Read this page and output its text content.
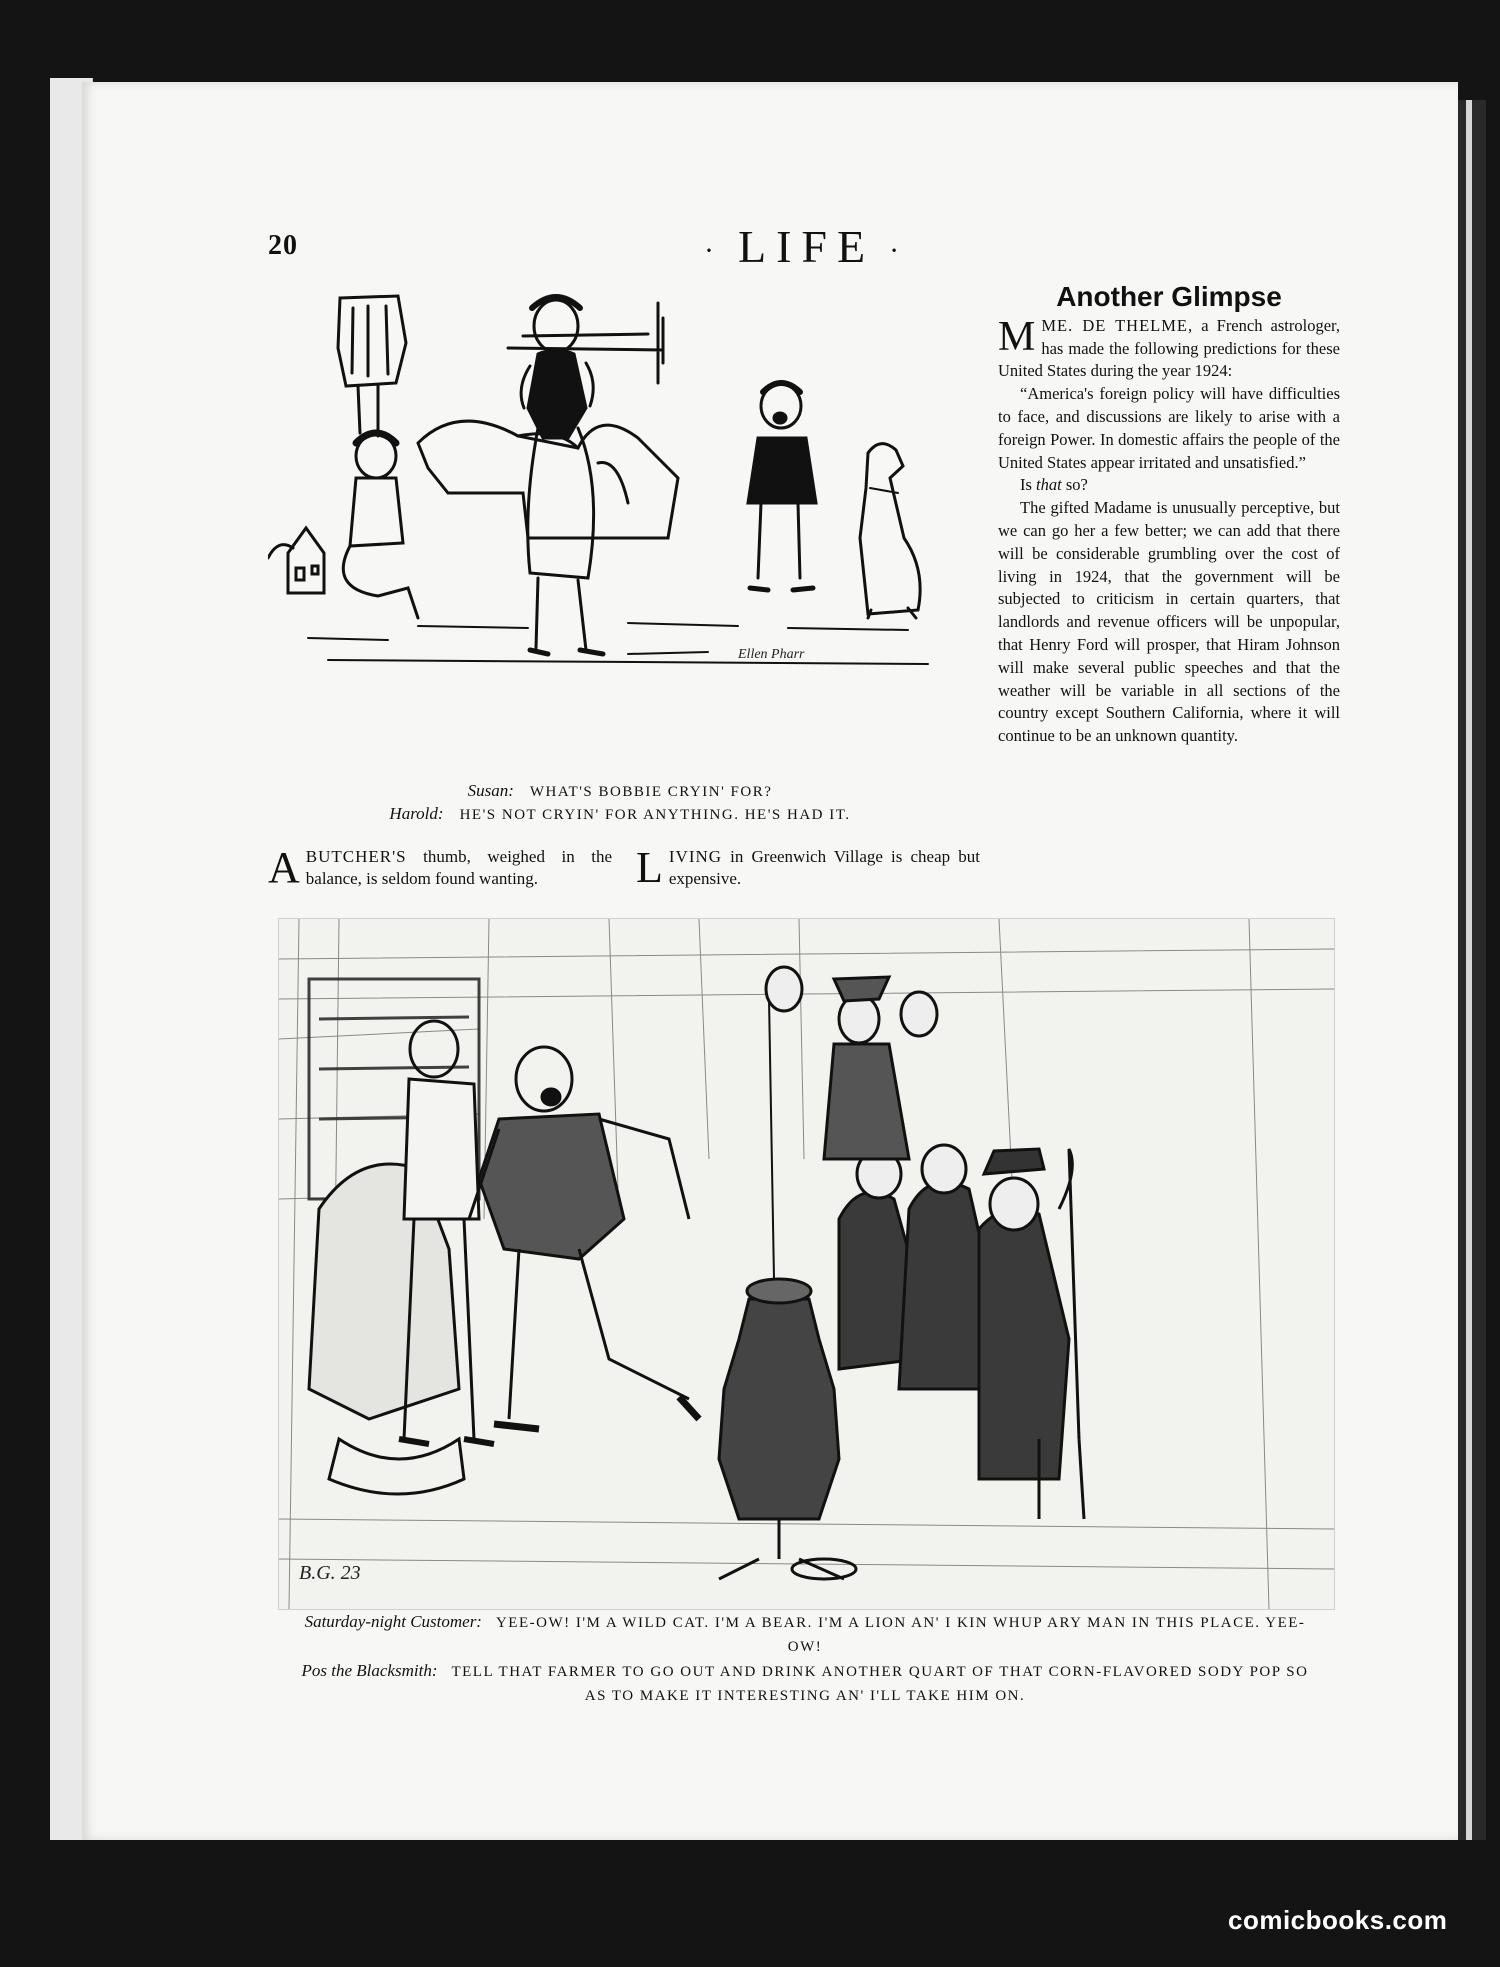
20	· LIFE ·
Ellen Pharr
Susan: WHAT'S BOBBIE CRYIN' FOR?
Harold: HE'S NOT CRYIN' FOR ANYTHING. HE'S HAD IT.
ABUTCHER'S thumb, weighed in the balance, is seldom found wanting.	LIVING in Greenwich Village is cheap but expensive.
Another Glimpse

MME. DE THELME, a French astrologer, has made the following predictions for these United States during the year 1924:

“America's foreign policy will have difficulties to face, and discussions are likely to arise with a foreign Power. In domestic affairs the people of the United States appear irritated and unsatisfied.”

Is that so?

The gifted Madame is unusually perceptive, but we can go her a few better; we can add that there will be considerable grumbling over the cost of living in 1924, that the government will be subjected to criticism in certain quarters, that landlords and revenue officers will be unpopular, that Henry Ford will prosper, that Hiram Johnson will make several public speeches and that the weather will be variable in all sections of the country except Southern California, where it will continue to be an unknown quantity.

B.G. 23
Saturday-night Customer: YEE-OW! I'M A WILD CAT. I'M A BEAR. I'M A LION AN' I KIN WHUP ARY MAN IN THIS PLACE. YEE-OW!
Pos the Blacksmith: TELL THAT FARMER TO GO OUT AND DRINK ANOTHER QUART OF THAT CORN-FLAVORED SODY POP SO AS TO MAKE IT INTERESTING AN' I'LL TAKE HIM ON.
comicbooks.com
